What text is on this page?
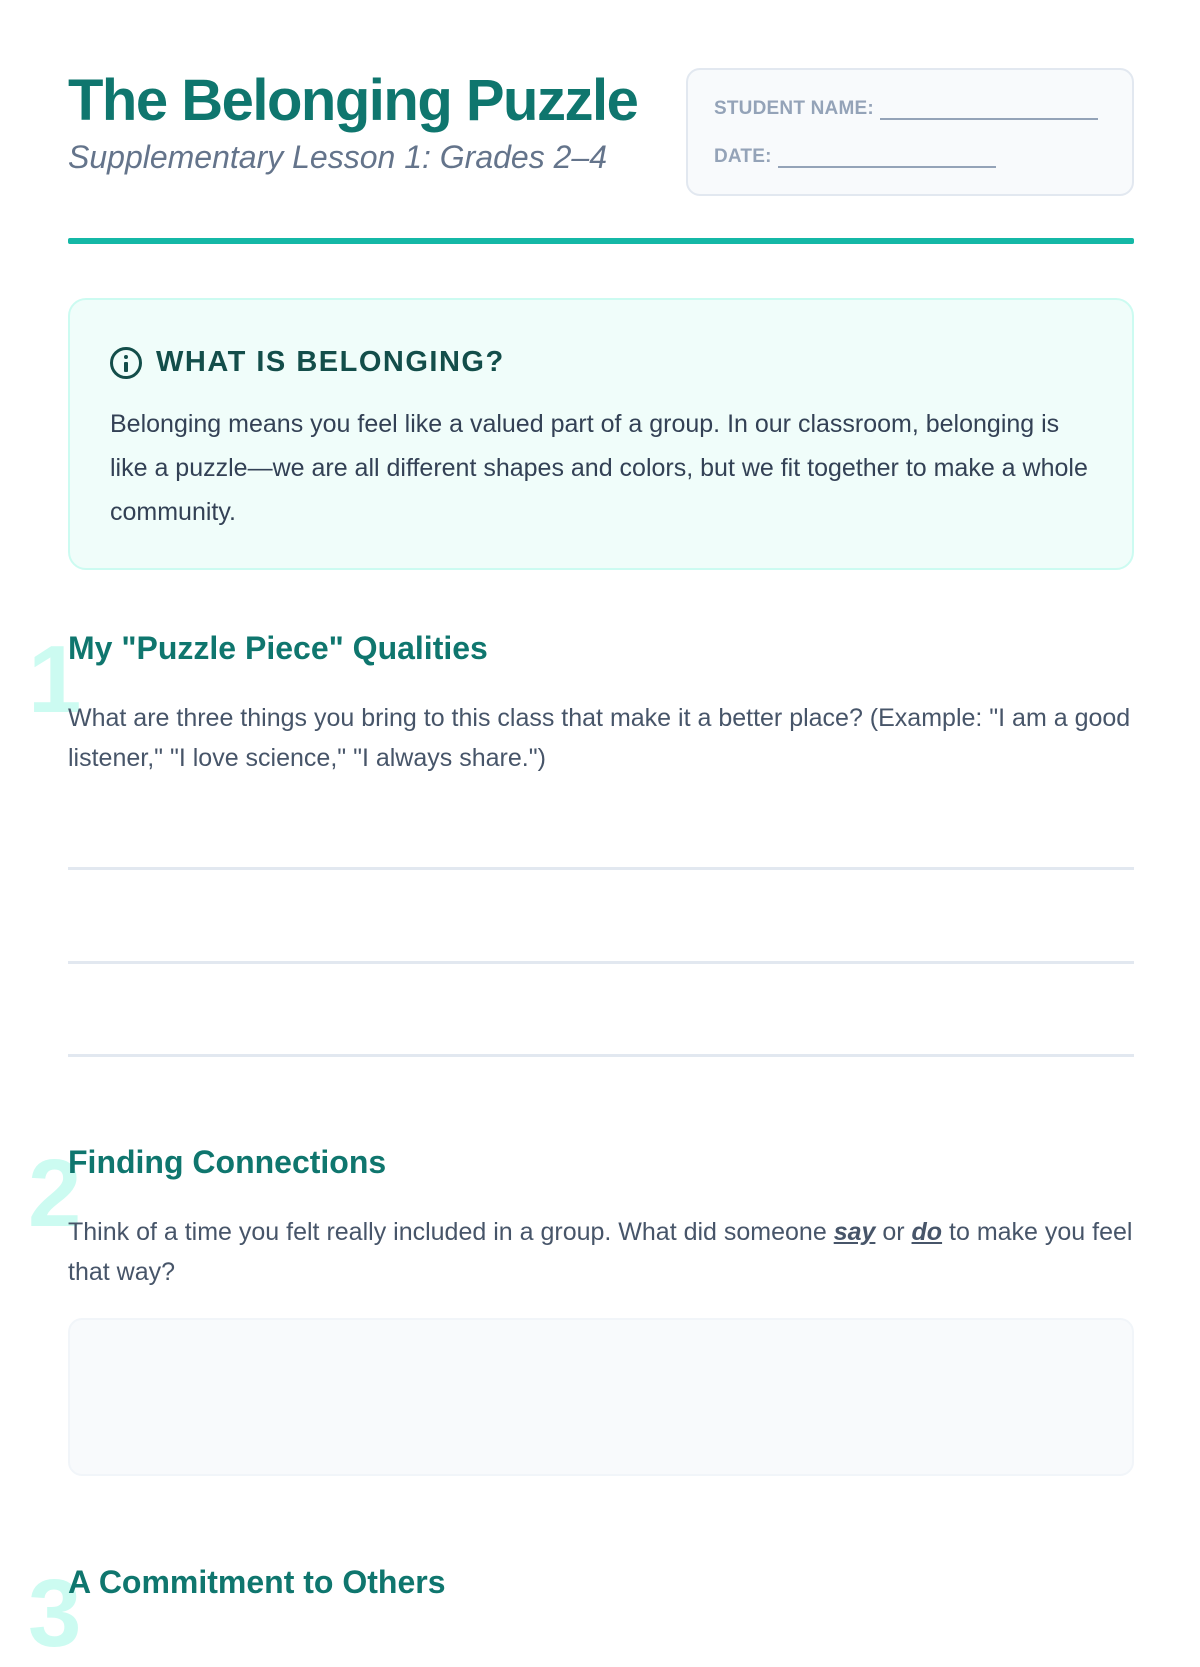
The Belonging Puzzle
Supplementary Lesson 1: Grades 2–4
STUDENT NAME:
DATE:
WHAT IS BELONGING?
Belonging means you feel like a valued part of a group. In our classroom, belonging is like a puzzle—we are all different shapes and colors, but we fit together to make a whole community.
1
My "Puzzle Piece" Qualities
What are three things you bring to this class that make it a better place? (Example: "I am a good listener," "I love science," "I always share.")
2
Finding Connections
Think of a time you felt really included in a group. What did someone say or do to make you feel that way?
3
A Commitment to Others
